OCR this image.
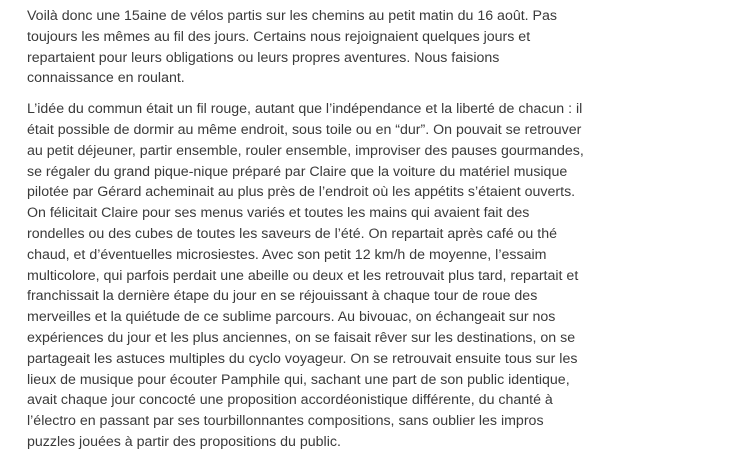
Voilà donc une 15aine de vélos partis sur les chemins au petit matin du 16 août. Pas
toujours les mêmes au fil des jours. Certains nous rejoignaient quelques jours et
repartaient pour leurs obligations ou leurs propres aventures. Nous faisions
connaissance en roulant.

L’idée du commun était un fil rouge, autant que l’indépendance et la liberté de chacun : il
était possible de dormir au même endroit, sous toile ou en “dur”. On pouvait se retrouver
au petit déjeuner, partir ensemble, rouler ensemble, improviser des pauses gourmandes,
se régaler du grand pique-nique préparé par Claire que la voiture du matériel musique
pilotée par Gérard acheminait au plus près de l’endroit où les appétits s’étaient ouverts.
On félicitait Claire pour ses menus variés et toutes les mains qui avaient fait des
rondelles ou des cubes de toutes les saveurs de l’été. On repartait après café ou thé
chaud, et d’éventuelles microsiestes. Avec son petit 12 km/h de moyenne, l’essaim
multicolore, qui parfois perdait une abeille ou deux et les retrouvait plus tard, repartait et
franchissait la dernière étape du jour en se réjouissant à chaque tour de roue des
merveilles et la quiétude de ce sublime parcours. Au bivouac, on échangeait sur nos
expériences du jour et les plus anciennes, on se faisait rêver sur les destinations, on se
partageait les astuces multiples du cyclo voyageur. On se retrouvait ensuite tous sur les
lieux de musique pour écouter Pamphile qui, sachant une part de son public identique,
avait chaque jour concocté une proposition accordéonistique différente, du chanté à
l’électro en passant par ses tourbillonnantes compositions, sans oublier les impros
puzzles jouées à partir des propositions du public.
